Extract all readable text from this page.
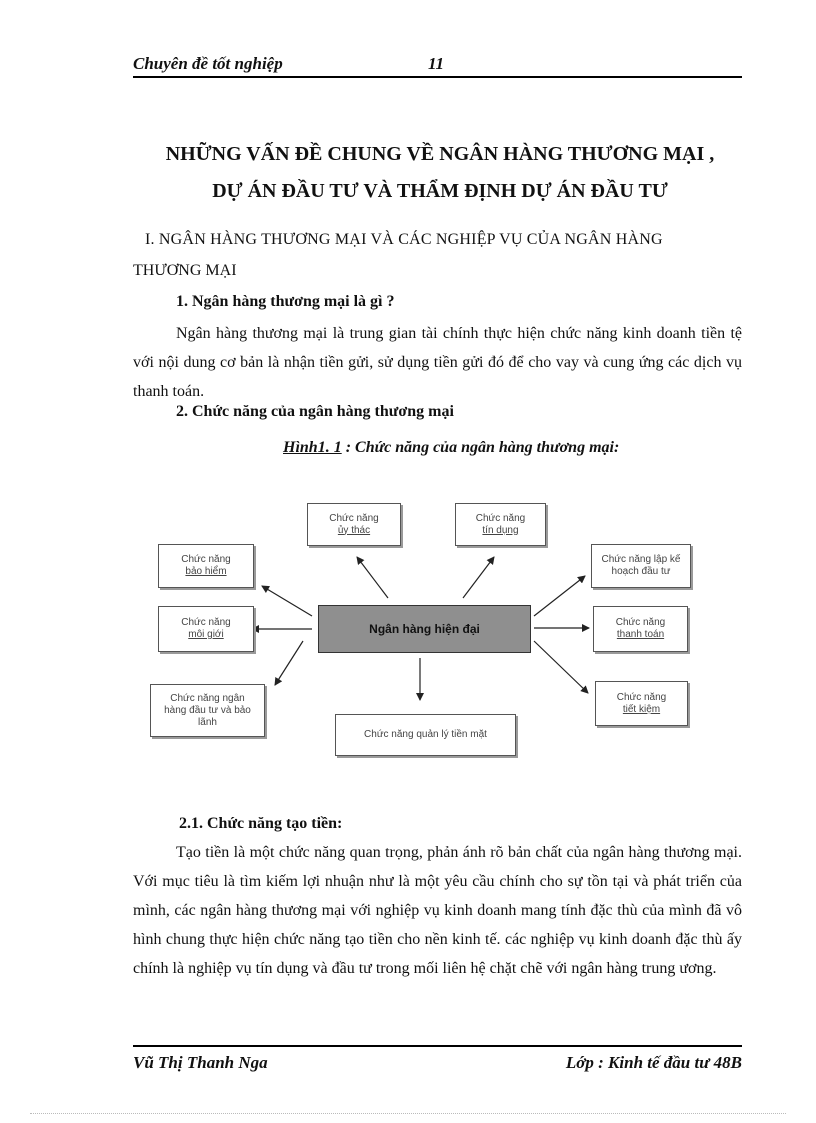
Chuyên đề tốt nghiệp	11
NHỮNG VẤN ĐỀ CHUNG VỀ NGÂN HÀNG THƯƠNG MẠI ,
DỰ ÁN ĐẦU TƯ VÀ THẨM ĐỊNH DỰ ÁN ĐẦU TƯ
I. NGÂN HÀNG THƯƠNG MẠI VÀ CÁC NGHIỆP VỤ CỦA NGÂN HÀNG
THƯƠNG MẠI
1. Ngân hàng thương mại là gì ?

Ngân hàng thương mại là trung gian tài chính thực hiện chức năng kinh doanh tiền tệ với nội dung cơ bản là nhận tiền gửi, sử dụng tiền gửi đó để cho vay và cung ứng các dịch vụ thanh toán.

2. Chức năng của ngân hàng thương mại
Hình1. 1 : Chức năng của ngân hàng thương mại:
Chức năng
ủy thác
Chức năng
tín dụng
Chức năng
bảo hiểm
Chức năng
môi giới
Chức năng ngân
hàng đầu tư và bảo
lãnh
Chức năng quản lý tiền mặt
Chức năng lập kế
hoạch đầu tư
Chức năng
thanh toán
Chức năng
tiết kiệm
Ngân hàng hiện đại
2.1. Chức năng tạo tiền:

Tạo tiền là một chức năng quan trọng, phản ánh rõ bản chất của ngân hàng thương mại. Với mục tiêu là tìm kiếm lợi nhuận như là một yêu cầu chính cho sự tồn tại và phát triển của mình, các ngân hàng thương mại với nghiệp vụ kinh doanh mang tính đặc thù của mình đã vô hình chung thực hiện chức năng tạo tiền cho nền kinh tế. các nghiệp vụ kinh doanh đặc thù ấy chính là nghiệp vụ tín dụng và đầu tư trong mối liên hệ chặt chẽ với ngân hàng trung ương.

Vũ Thị Thanh Nga	Lớp : Kinh tế đầu tư 48B
